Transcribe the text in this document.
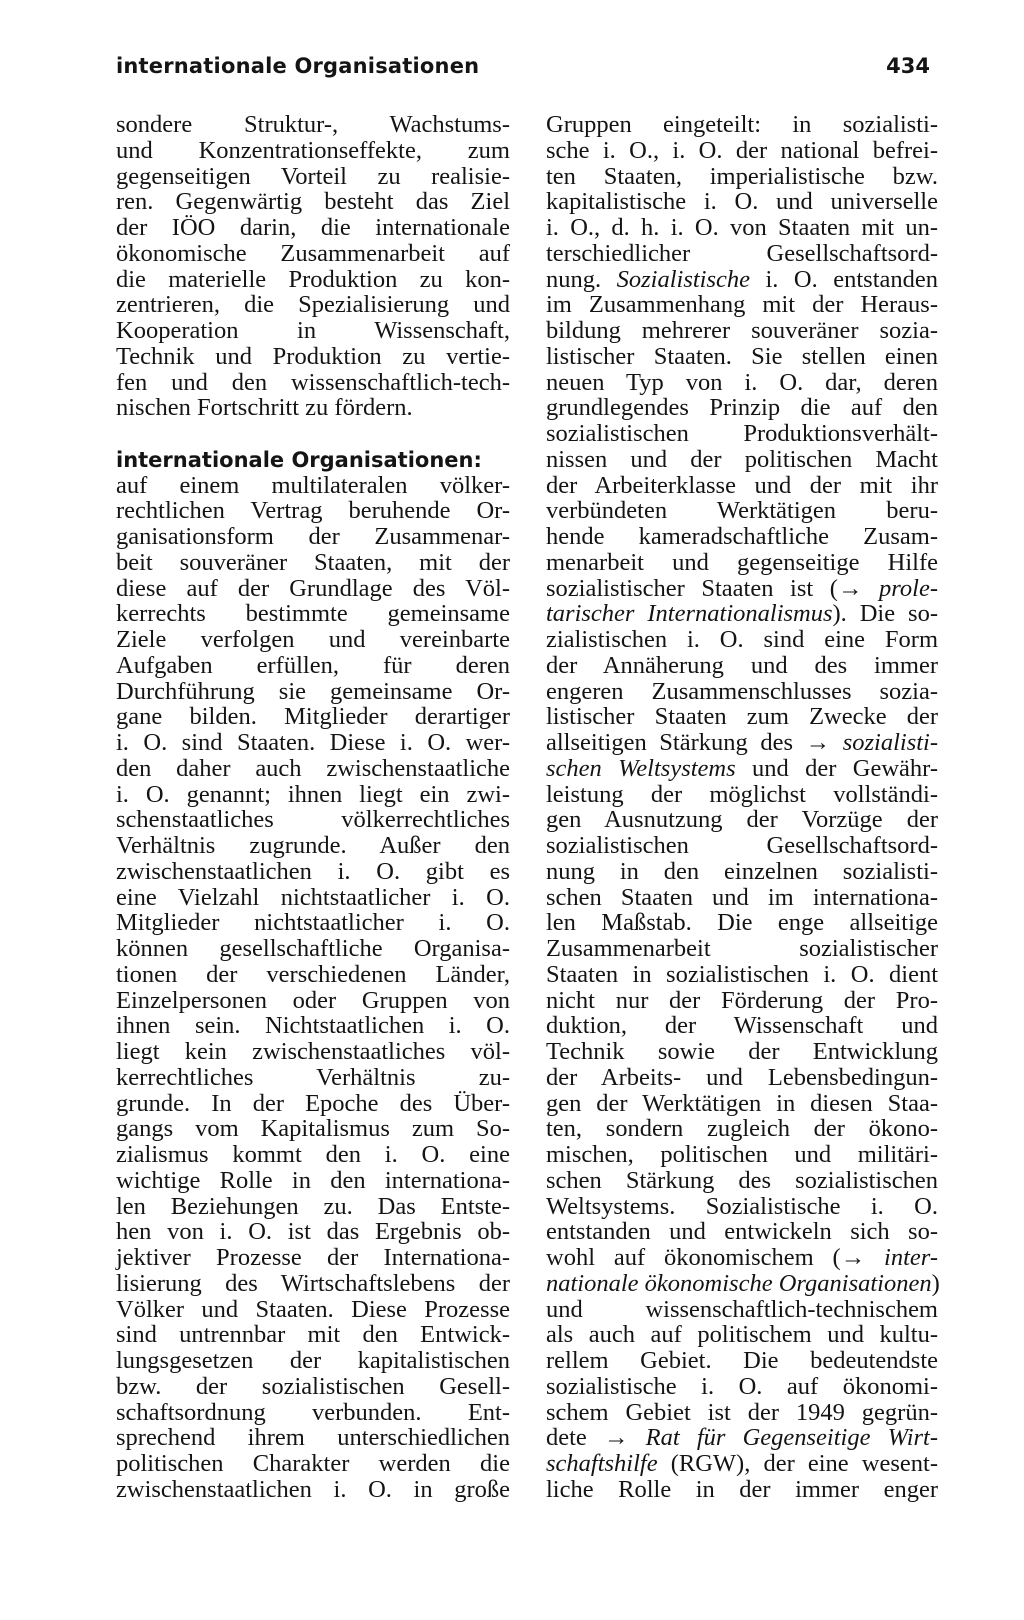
internationale Organisationen	434
sondere Struktur-, Wachstums-
und Konzentrationseffekte, zum
gegenseitigen Vorteil zu realisie-
ren. Gegenwärtig besteht das Ziel
der IÖO darin, die internationale
ökonomische Zusammenarbeit auf
die materielle Produktion zu kon-
zentrieren, die Spezialisierung und
Kooperation in Wissenschaft,
Technik und Produktion zu vertie-
fen und den wissenschaftlich-tech-
nischen Fortschritt zu fördern.
internationale Organisationen:
auf einem multilateralen völker-
rechtlichen Vertrag beruhende Or-
ganisationsform der Zusammenar-
beit souveräner Staaten, mit der
diese auf der Grundlage des Völ-
kerrechts bestimmte gemeinsame
Ziele verfolgen und vereinbarte
Aufgaben erfüllen, für deren
Durchführung sie gemeinsame Or-
gane bilden. Mitglieder derartiger
i. O. sind Staaten. Diese i. O. wer-
den daher auch zwischenstaatliche
i. O. genannt; ihnen liegt ein zwi-
schenstaatliches völkerrechtliches
Verhältnis zugrunde. Außer den
zwischenstaatlichen i. O. gibt es
eine Vielzahl nichtstaatlicher i. O.
Mitglieder nichtstaatlicher i. O.
können gesellschaftliche Organisa-
tionen der verschiedenen Länder,
Einzelpersonen oder Gruppen von
ihnen sein. Nichtstaatlichen i. O.
liegt kein zwischenstaatliches völ-
kerrechtliches Verhältnis zu-
grunde. In der Epoche des Über-
gangs vom Kapitalismus zum So-
zialismus kommt den i. O. eine
wichtige Rolle in den internationa-
len Beziehungen zu. Das Entste-
hen von i. O. ist das Ergebnis ob-
jektiver Prozesse der Internationa-
lisierung des Wirtschaftslebens der
Völker und Staaten. Diese Prozesse
sind untrennbar mit den Entwick-
lungsgesetzen der kapitalistischen
bzw. der sozialistischen Gesell-
schaftsordnung verbunden. Ent-
sprechend ihrem unterschiedlichen
politischen Charakter werden die
zwischenstaatlichen i. O. in große
Gruppen eingeteilt: in sozialisti-
sche i. O., i. O. der national befrei-
ten Staaten, imperialistische bzw.
kapitalistische i. O. und universelle
i. O., d. h. i. O. von Staaten mit un-
terschiedlicher Gesellschaftsord-
nung. Sozialistische i. O. entstanden
im Zusammenhang mit der Heraus-
bildung mehrerer souveräner sozia-
listischer Staaten. Sie stellen einen
neuen Typ von i. O. dar, deren
grundlegendes Prinzip die auf den
sozialistischen Produktionsverhält-
nissen und der politischen Macht
der Arbeiterklasse und der mit ihr
verbündeten Werktätigen beru-
hende kameradschaftliche Zusam-
menarbeit und gegenseitige Hilfe
sozialistischer Staaten ist (→ prole-
tarischer Internationalismus). Die so-
zialistischen i. O. sind eine Form
der Annäherung und des immer
engeren Zusammenschlusses sozia-
listischer Staaten zum Zwecke der
allseitigen Stärkung des → sozialisti-
schen Weltsystems und der Gewähr-
leistung der möglichst vollständi-
gen Ausnutzung der Vorzüge der
sozialistischen Gesellschaftsord-
nung in den einzelnen sozialisti-
schen Staaten und im internationa-
len Maßstab. Die enge allseitige
Zusammenarbeit sozialistischer
Staaten in sozialistischen i. O. dient
nicht nur der Förderung der Pro-
duktion, der Wissenschaft und
Technik sowie der Entwicklung
der Arbeits- und Lebensbedingun-
gen der Werktätigen in diesen Staa-
ten, sondern zugleich der ökono-
mischen, politischen und militäri-
schen Stärkung des sozialistischen
Weltsystems. Sozialistische i. O.
entstanden und entwickeln sich so-
wohl auf ökonomischem (→ inter-
nationale ökonomische Organisationen)
und wissenschaftlich-technischem
als auch auf politischem und kultu-
rellem Gebiet. Die bedeutendste
sozialistische i. O. auf ökonomi-
schem Gebiet ist der 1949 gegrün-
dete → Rat für Gegenseitige Wirt-
schaftshilfe (RGW), der eine wesent-
liche Rolle in der immer enger
